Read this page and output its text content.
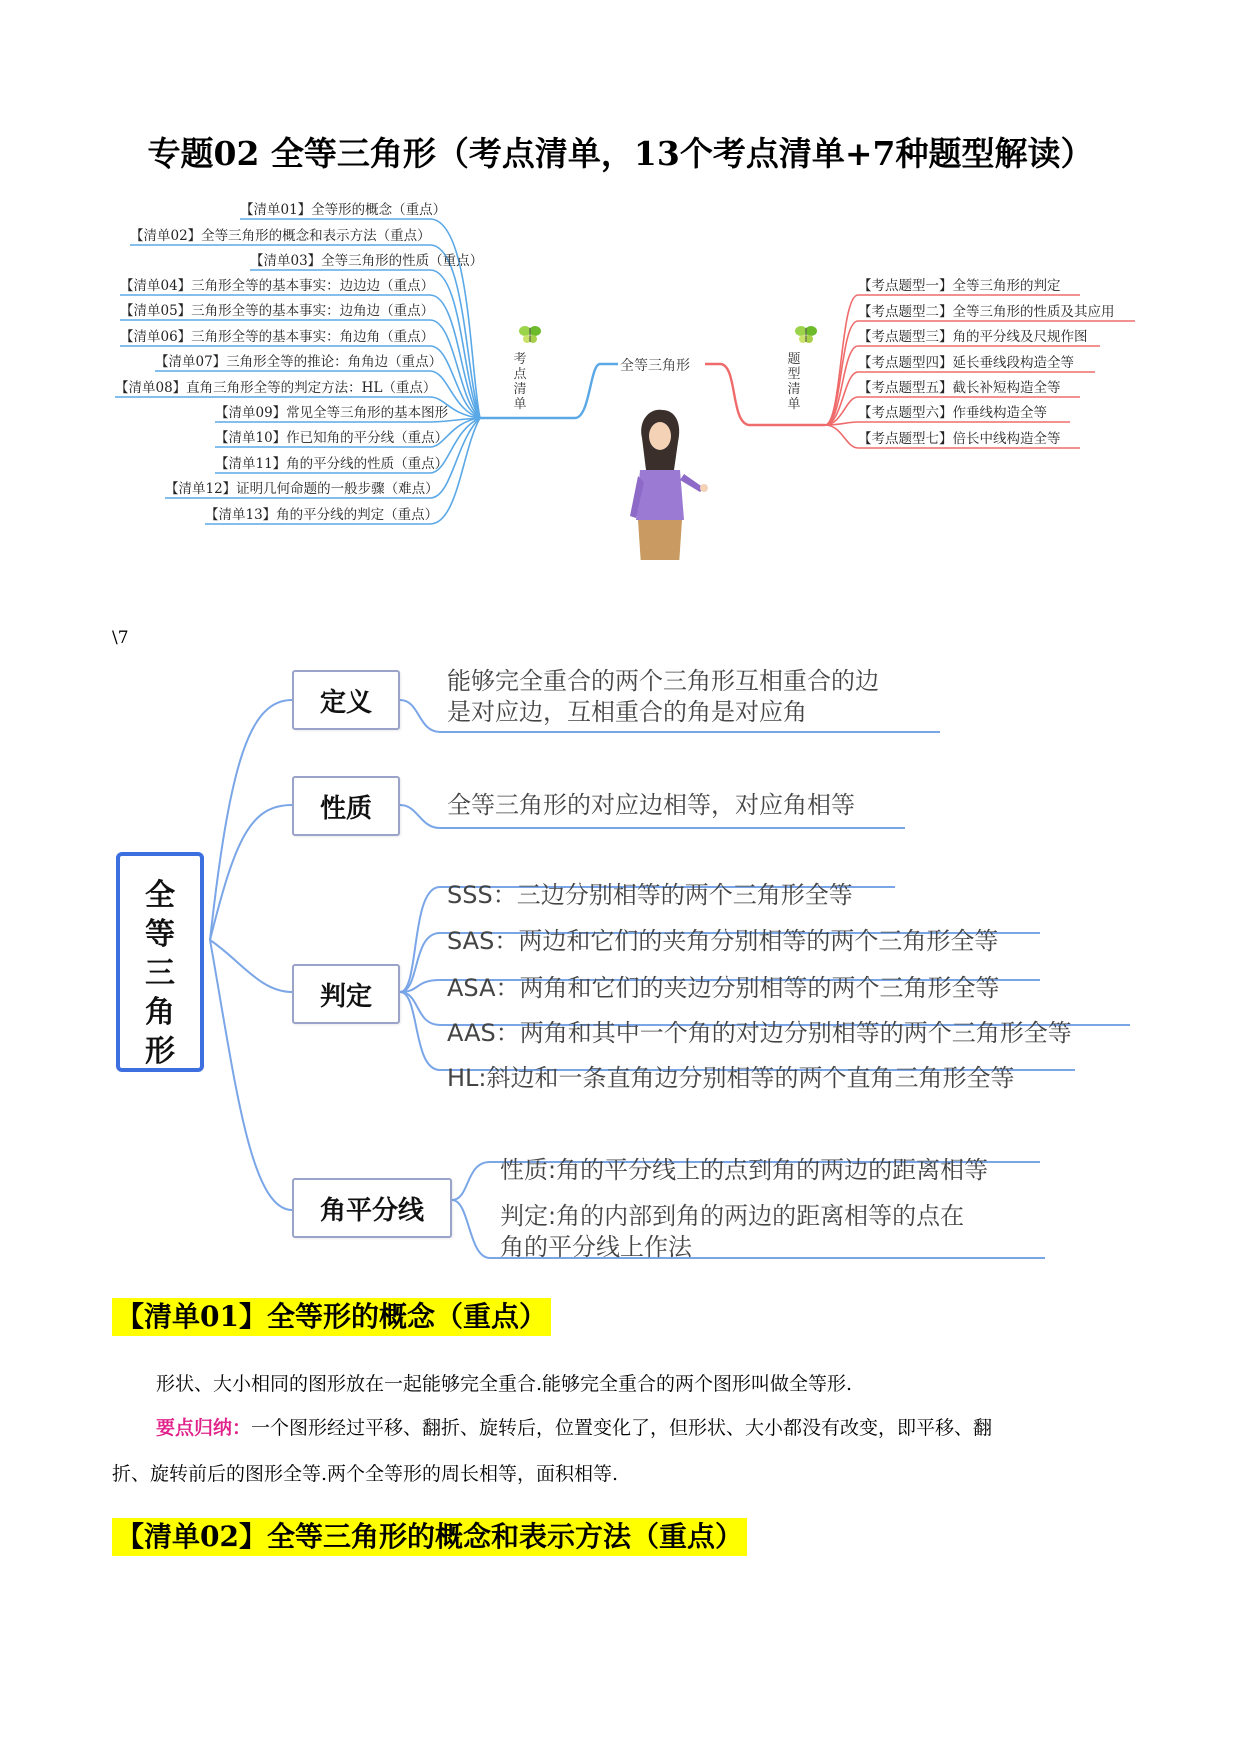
专题02 全等三角形（考点清单，13个考点清单+7种题型解读）
【清单01】全等形的概念（重点）
【清单02】全等三角形的概念和表示方法（重点）
【清单03】全等三角形的性质（重点）
【清单04】三角形全等的基本事实：边边边（重点）
【清单05】三角形全等的基本事实：边角边（重点）
【清单06】三角形全等的基本事实：角边角（重点）
【清单07】三角形全等的推论：角角边（重点）
【清单08】直角三角形全等的判定方法：HL（重点）
【清单09】常见全等三角形的基本图形
【清单10】作已知角的平分线（重点）
【清单11】角的平分线的性质（重点）
【清单12】证明几何命题的一般步骤（难点）
【清单13】角的平分线的判定（重点）
考点清单
题型清单
全等三角形
【考点题型一】全等三角形的判定
【考点题型二】全等三角形的性质及其应用
【考点题型三】角的平分线及尺规作图
【考点题型四】延长垂线段构造全等
【考点题型五】截长补短构造全等
【考点题型六】作垂线构造全等
【考点题型七】倍长中线构造全等
\7
全等三角形
定义
性质
判定
角平分线
能够完全重合的两个三角形互相重合的边
是对应边，互相重合的角是对应角
全等三角形的对应边相等，对应角相等
SSS：三边分别相等的两个三角形全等
SAS：两边和它们的夹角分别相等的两个三角形全等
ASA：两角和它们的夹边分别相等的两个三角形全等
AAS：两角和其中一个角的对边分别相等的两个三角形全等
HL:斜边和一条直角边分别相等的两个直角三角形全等
性质:角的平分线上的点到角的两边的距离相等
判定:角的内部到角的两边的距离相等的点在
角的平分线上作法
【清单01】全等形的概念（重点）
形状、大小相同的图形放在一起能够完全重合.能够完全重合的两个图形叫做全等形.
要点归纳：一个图形经过平移、翻折、旋转后，位置变化了，但形状、大小都没有改变，即平移、翻
折、旋转前后的图形全等.两个全等形的周长相等，面积相等.
【清单02】全等三角形的概念和表示方法（重点）
